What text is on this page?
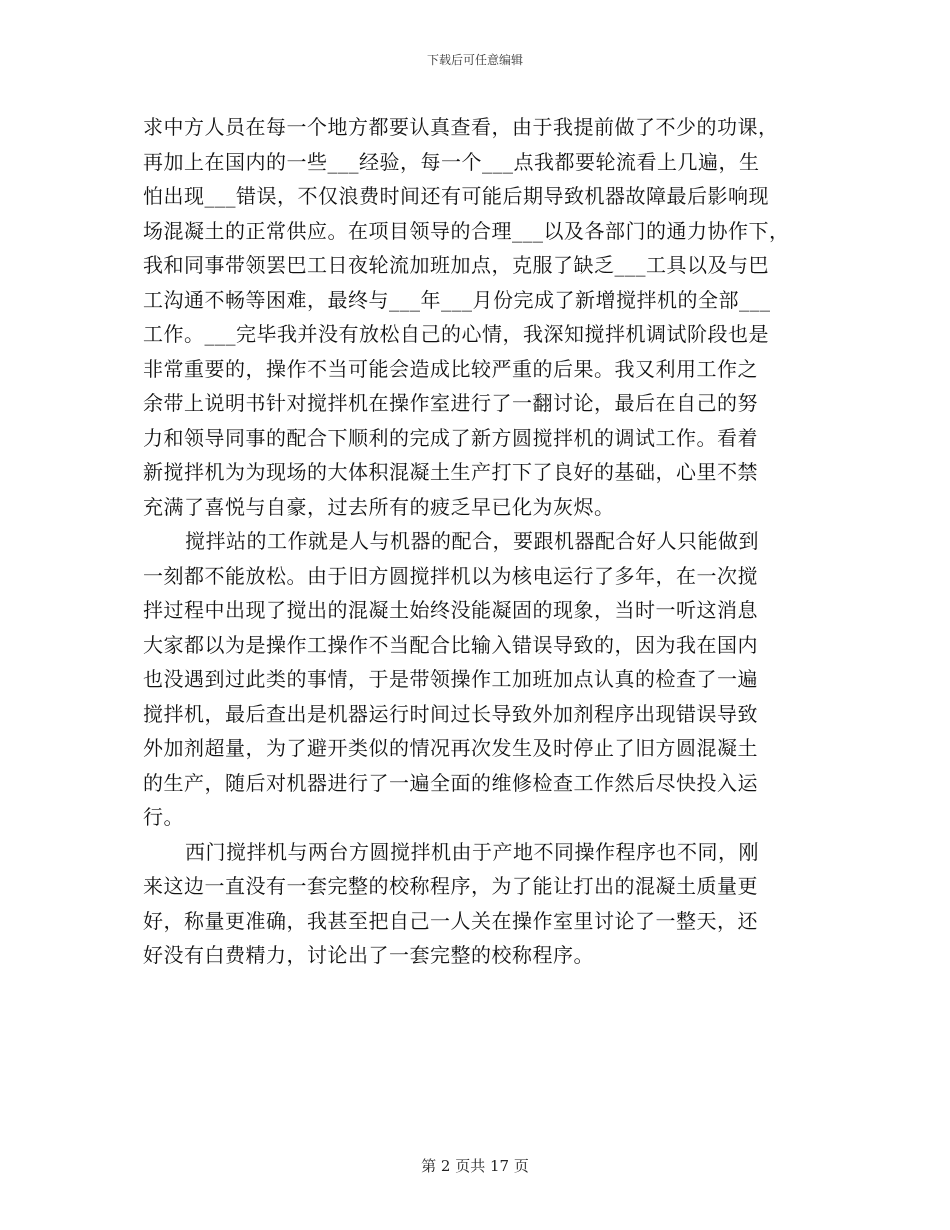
下载后可任意编辑
求中方人员在每一个地方都要认真查看，由于我提前做了不少的功课，
再加上在国内的一些___经验，每一个___点我都要轮流看上几遍，生
怕出现___错误，不仅浪费时间还有可能后期导致机器故障最后影响现
场混凝土的正常供应。在项目领导的合理___以及各部门的通力协作下，
我和同事带领罢巴工日夜轮流加班加点，克服了缺乏___工具以及与巴
工沟通不畅等困难，最终与___年___月份完成了新增搅拌机的全部___
工作。___完毕我并没有放松自己的心情，我深知搅拌机调试阶段也是
非常重要的，操作不当可能会造成比较严重的后果。我又利用工作之
余带上说明书针对搅拌机在操作室进行了一翻讨论，最后在自己的努
力和领导同事的配合下顺利的完成了新方圆搅拌机的调试工作。看着
新搅拌机为为现场的大体积混凝土生产打下了良好的基础，心里不禁
充满了喜悦与自豪，过去所有的疲乏早已化为灰烬。
搅拌站的工作就是人与机器的配合，要跟机器配合好人只能做到
一刻都不能放松。由于旧方圆搅拌机以为核电运行了多年，在一次搅
拌过程中出现了搅出的混凝土始终没能凝固的现象，当时一听这消息
大家都以为是操作工操作不当配合比输入错误导致的，因为我在国内
也没遇到过此类的事情，于是带领操作工加班加点认真的检查了一遍
搅拌机，最后查出是机器运行时间过长导致外加剂程序出现错误导致
外加剂超量，为了避开类似的情况再次发生及时停止了旧方圆混凝土
的生产，随后对机器进行了一遍全面的维修检查工作然后尽快投入运
行。
西门搅拌机与两台方圆搅拌机由于产地不同操作程序也不同，刚
来这边一直没有一套完整的校称程序，为了能让打出的混凝土质量更
好，称量更准确，我甚至把自己一人关在操作室里讨论了一整天，还
好没有白费精力，讨论出了一套完整的校称程序。
第 2 页共 17 页
